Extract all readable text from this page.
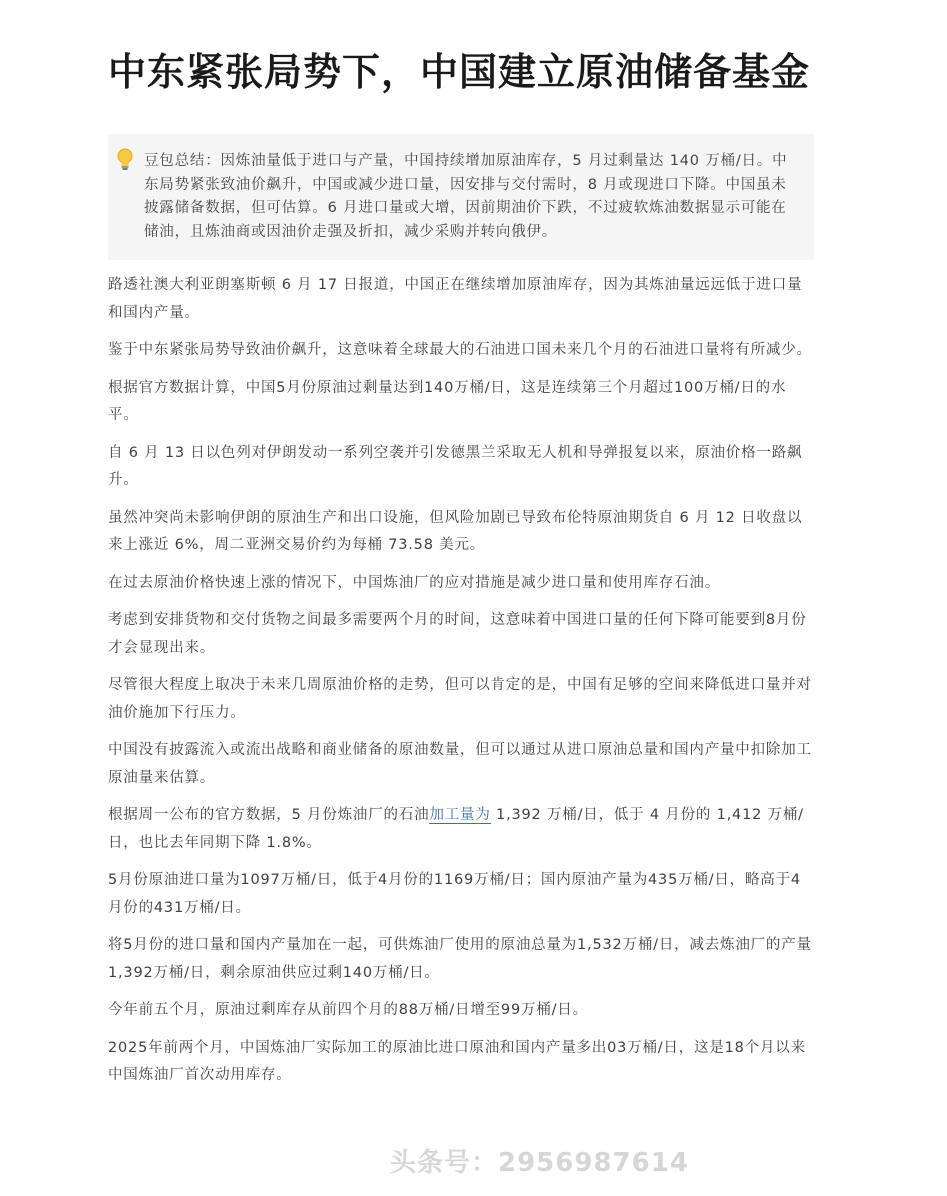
中东紧张局势下，中国建立原油储备基金

豆包总结：因炼油量低于进口与产量，中国持续增加原油库存，5 月过剩量达 140 万桶/日。中东局势紧张致油价飙升，中国或减少进口量，因安排与交付需时，8 月或现进口下降。中国虽未披露储备数据，但可估算。6 月进口量或大增，因前期油价下跌，不过疲软炼油数据显示可能在储油，且炼油商或因油价走强及折扣，减少采购并转向俄伊。

路透社澳大利亚朗塞斯顿 6 月 17 日报道，中国正在继续增加原油库存，因为其炼油量远远低于进口量和国内产量。

鉴于中东紧张局势导致油价飙升，这意味着全球最大的石油进口国未来几个月的石油进口量将有所减少。

根据官方数据计算，中国5月份原油过剩量达到140万桶/日，这是连续第三个月超过100万桶/日的水平。

自 6 月 13 日以色列对伊朗发动一系列空袭并引发德黑兰采取无人机和导弹报复以来，原油价格一路飙升。

虽然冲突尚未影响伊朗的原油生产和出口设施，但风险加剧已导致布伦特原油期货自 6 月 12 日收盘以来上涨近 6%，周二亚洲交易价约为每桶 73.58 美元。

在过去原油价格快速上涨的情况下，中国炼油厂的应对措施是减少进口量和使用库存石油。

考虑到安排货物和交付货物之间最多需要两个月的时间，这意味着中国进口量的任何下降可能要到8月份才会显现出来。

尽管很大程度上取决于未来几周原油价格的走势，但可以肯定的是，中国有足够的空间来降低进口量并对油价施加下行压力。

中国没有披露流入或流出战略和商业储备的原油数量，但可以通过从进口原油总量和国内产量中扣除加工原油量来估算。

根据周一公布的官方数据，5 月份炼油厂的石油加工量为 1,392 万桶/日，低于 4 月份的 1,412 万桶/日，也比去年同期下降 1.8%。

5月份原油进口量为1097万桶/日，低于4月份的1169万桶/日；国内原油产量为435万桶/日，略高于4月份的431万桶/日。

将5月份的进口量和国内产量加在一起，可供炼油厂使用的原油总量为1,532万桶/日，减去炼油厂的产量1,392万桶/日，剩余原油供应过剩140万桶/日。

今年前五个月，原油过剩库存从前四个月的88万桶/日增至99万桶/日。

2025年前两个月，中国炼油厂实际加工的原油比进口原油和国内产量多出03万桶/日，这是18个月以来中国炼油厂首次动用库存。

头条号：2956987614
